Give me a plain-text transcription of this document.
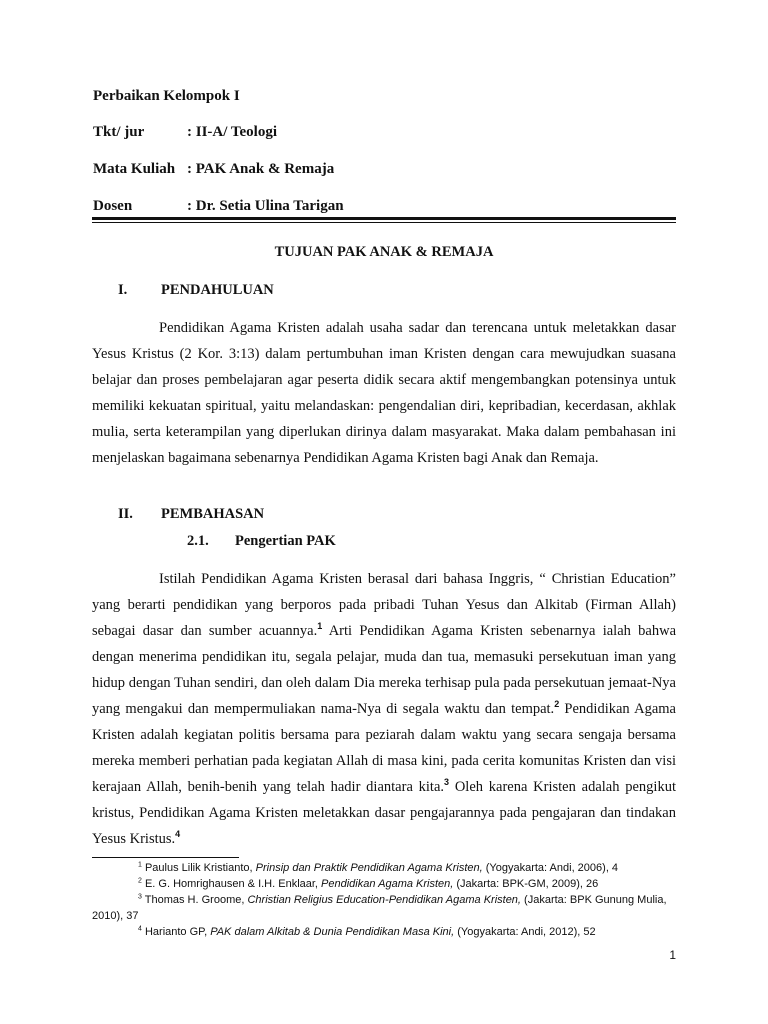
Perbaikan Kelompok I
Tkt/ jur	: II-A/ Teologi
Mata Kuliah : PAK Anak & Remaja
Dosen	: Dr. Setia Ulina Tarigan
TUJUAN PAK ANAK & REMAJA
I. PENDAHULUAN
Pendidikan Agama Kristen adalah usaha sadar dan terencana untuk meletakkan dasar Yesus Kristus (2 Kor. 3:13) dalam pertumbuhan iman Kristen dengan cara mewujudkan suasana belajar dan proses pembelajaran agar peserta didik secara aktif mengembangkan potensinya untuk memiliki kekuatan spiritual, yaitu melandaskan: pengendalian diri, kepribadian, kecerdasan, akhlak mulia, serta keterampilan yang diperlukan dirinya dalam masyarakat. Maka dalam pembahasan ini menjelaskan bagaimana sebenarnya Pendidikan Agama Kristen bagi Anak dan Remaja.
II. PEMBAHASAN
2.1. Pengertian PAK
Istilah Pendidikan Agama Kristen berasal dari bahasa Inggris, “ Christian Education” yang berarti pendidikan yang berporos pada pribadi Tuhan Yesus dan Alkitab (Firman Allah) sebagai dasar dan sumber acuannya.$^1$ Arti Pendidikan Agama Kristen sebenarnya ialah bahwa dengan menerima pendidikan itu, segala pelajar, muda dan tua, memasuki persekutuan iman yang hidup dengan Tuhan sendiri, dan oleh dalam Dia mereka terhisap pula pada persekutuan jemaat-Nya yang mengakui dan mempermuliakan nama-Nya di segala waktu dan tempat.$^2$ Pendidikan Agama Kristen adalah kegiatan politis bersama para peziarah dalam waktu yang secara sengaja bersama mereka memberi perhatian pada kegiatan Allah di masa kini, pada cerita komunitas Kristen dan visi kerajaan Allah, benih-benih yang telah hadir diantara kita.$^3$ Oleh karena Kristen adalah pengikut kristus, Pendidikan Agama Kristen meletakkan dasar pengajarannya pada pengajaran dan tindakan Yesus Kristus.$^4$
$^1$ Paulus Lilik Kristianto, Prinsip dan Praktik Pendidikan Agama Kristen, (Yogyakarta: Andi, 2006), 4
$^2$ E. G. Homrighausen & I.H. Enklaar, Pendidikan Agama Kristen, (Jakarta: BPK-GM, 2009), 26
$^3$ Thomas H. Groome, Christian Religius Education-Pendidikan Agama Kristen, (Jakarta: BPK Gunung Mulia, 2010), 37
$^4$ Harianto GP, PAK dalam Alkitab & Dunia Pendidikan Masa Kini, (Yogyakarta: Andi, 2012), 52
1
